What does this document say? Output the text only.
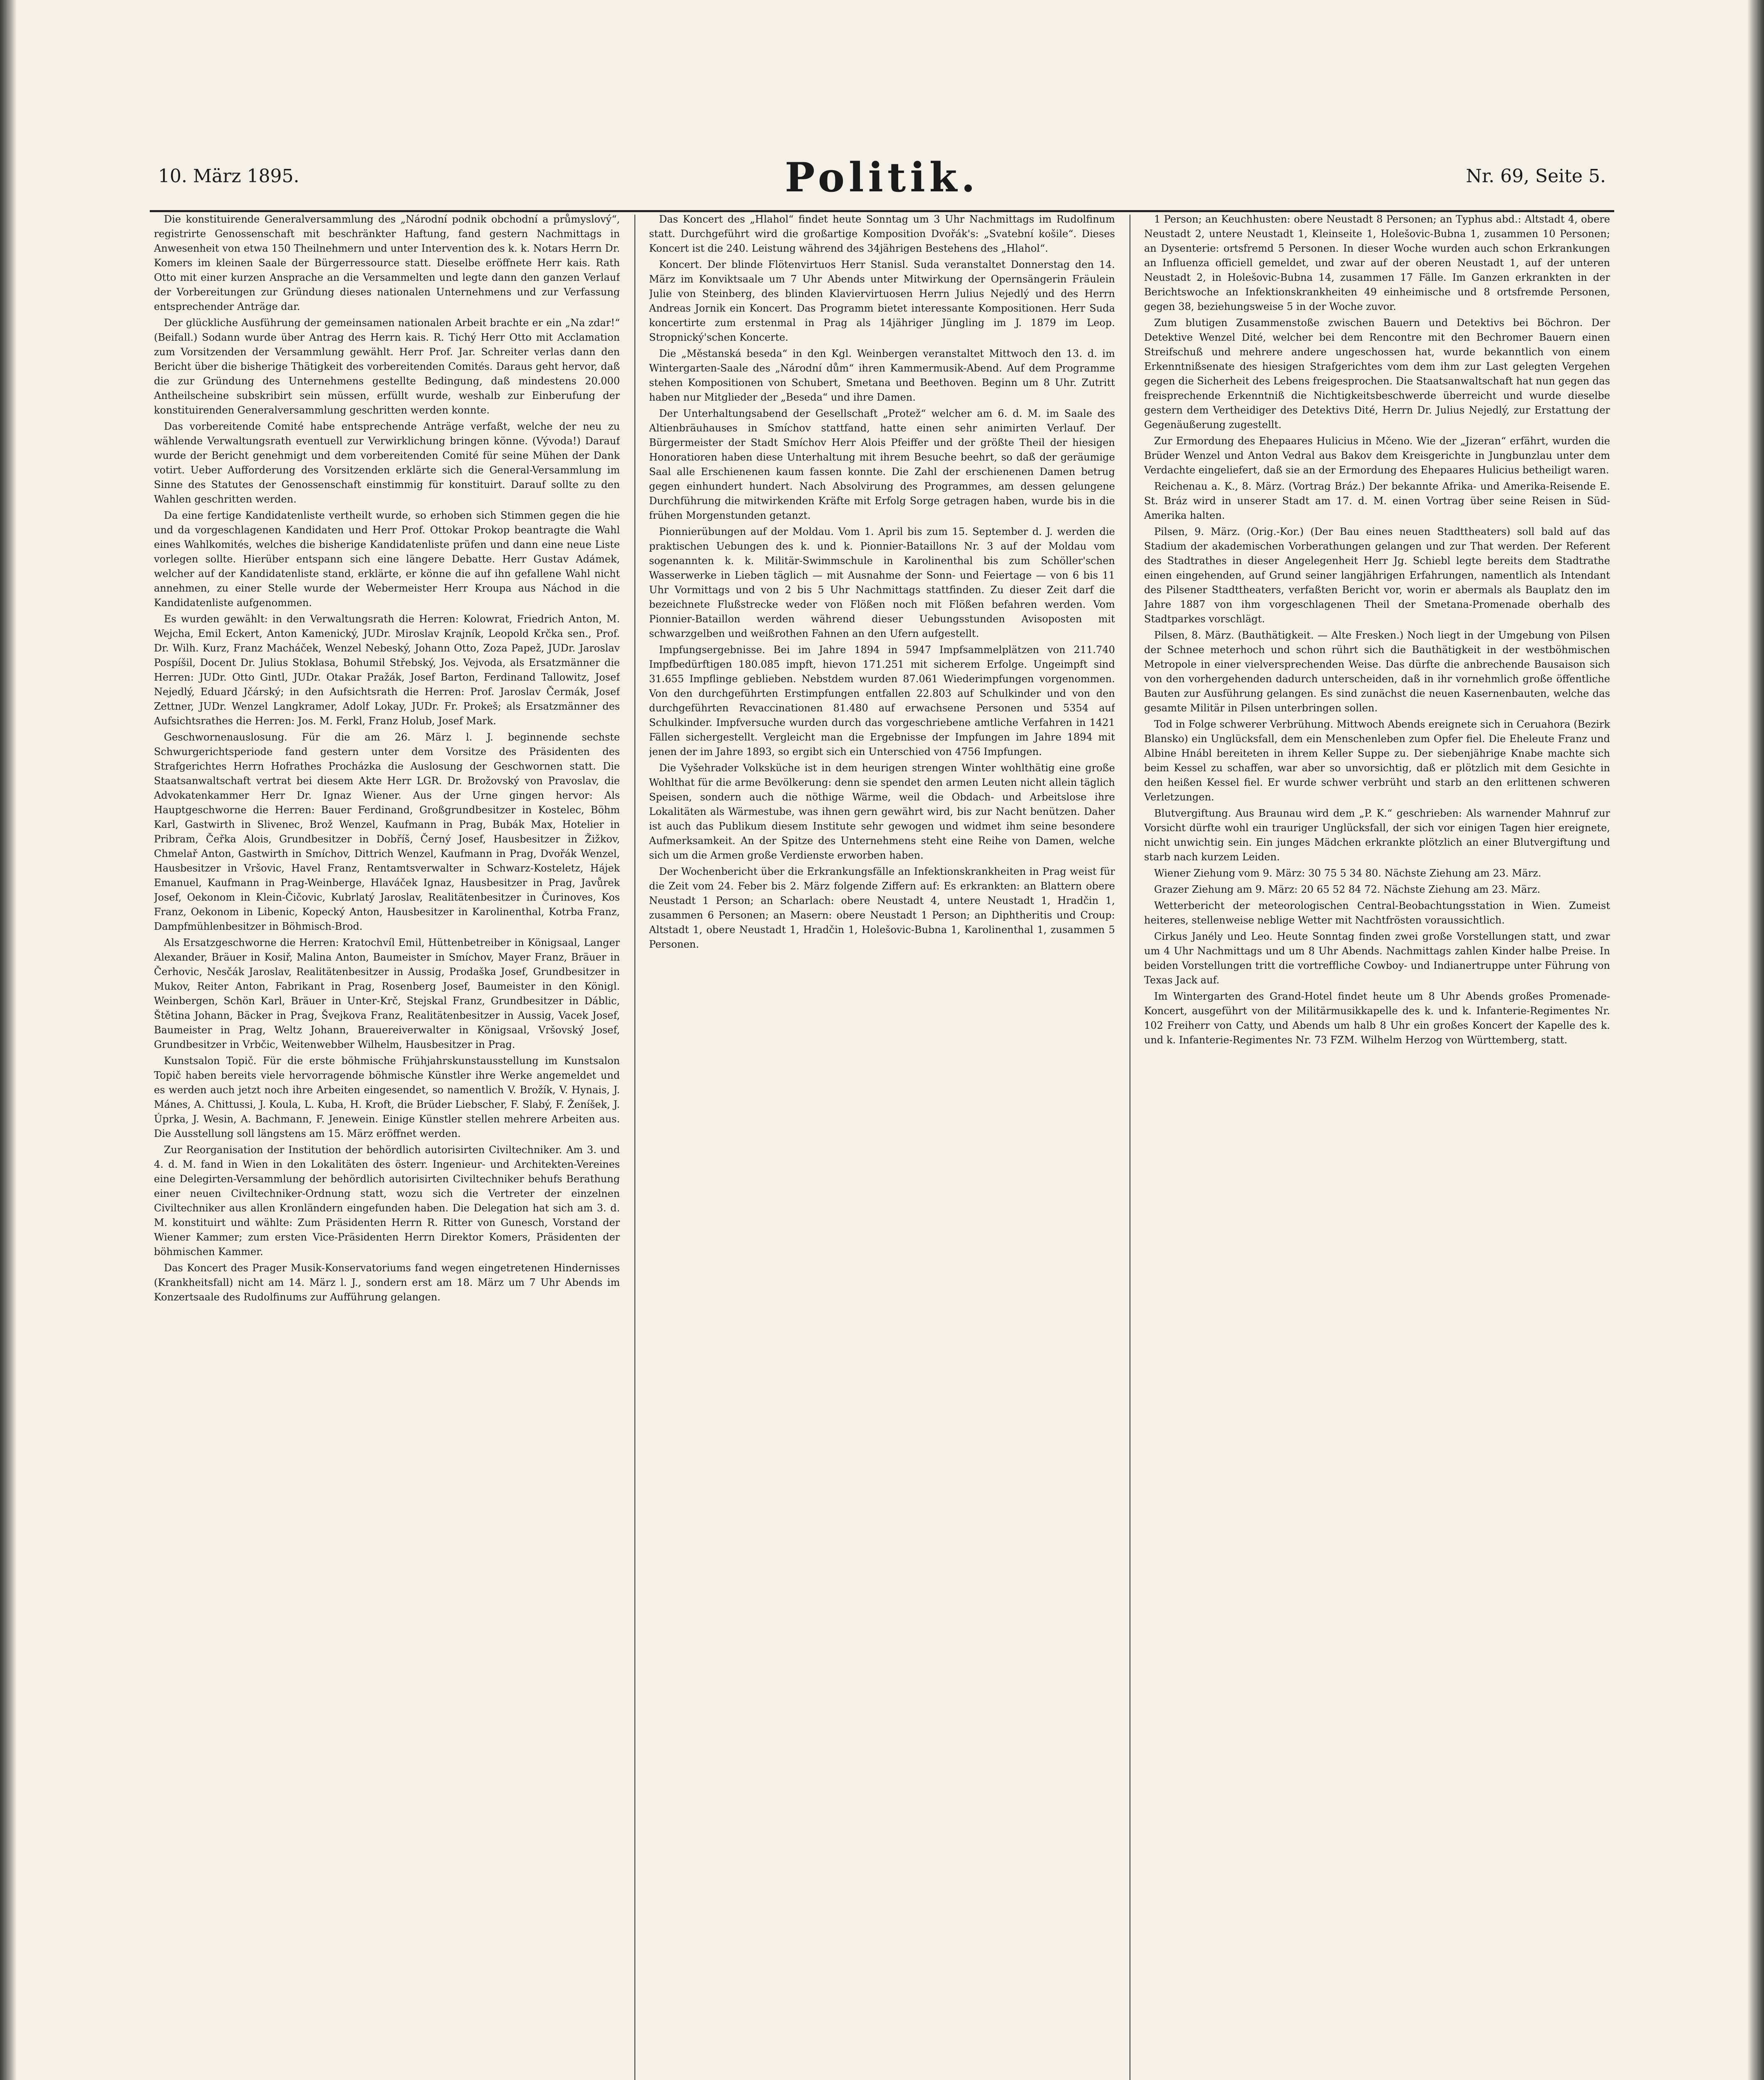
10. März 1895.	Politik.	Nr. 69, Seite 5.

Die konstituirende Generalversammlung des „Národní podnik obchodní a průmyslový“, registrirte Genossenschaft mit beschränkter Haftung, fand gestern Nachmittags in Anwesenheit von etwa 150 Theilnehmern und unter Intervention des k. k. Notars Herrn Dr. Komers im kleinen Saale der Bürgerressource statt. Dieselbe eröffnete Herr kais. Rath Otto mit einer kurzen Ansprache an die Versammelten und legte dann den ganzen Verlauf der Vorbereitungen zur Gründung dieses nationalen Unternehmens und zur Verfassung entsprechender Anträge dar.

Der glückliche Ausführung der gemeinsamen nationalen Arbeit brachte er ein „Na zdar!“ (Beifall.) Sodann wurde über Antrag des Herrn kais. R. Tichý Herr Otto mit Acclamation zum Vorsitzenden der Versammlung gewählt. Herr Prof. Jar. Schreiter verlas dann den Bericht über die bisherige Thätigkeit des vorbereitenden Comités. Daraus geht hervor, daß die zur Gründung des Unternehmens gestellte Bedingung, daß mindestens 20.000 Antheilscheine subskribirt sein müssen, erfüllt wurde, weshalb zur Einberufung der konstituirenden Generalversammlung geschritten werden konnte.

Das vorbereitende Comité habe entsprechende Anträge verfaßt, welche der neu zu wählende Verwaltungsrath eventuell zur Verwirklichung bringen könne. (Vývoda!) Darauf wurde der Bericht genehmigt und dem vorbereitenden Comité für seine Mühen der Dank votirt. Ueber Aufforderung des Vorsitzenden erklärte sich die General-Versammlung im Sinne des Statutes der Genossenschaft einstimmig für konstituirt. Darauf sollte zu den Wahlen geschritten werden.

Da eine fertige Kandidatenliste vertheilt wurde, so erhoben sich Stimmen gegen die hie und da vorgeschlagenen Kandidaten und Herr Prof. Ottokar Prokop beantragte die Wahl eines Wahlkomités, welches die bisherige Kandidatenliste prüfen und dann eine neue Liste vorlegen sollte. Hierüber entspann sich eine längere Debatte. Herr Gustav Adámek, welcher auf der Kandidatenliste stand, erklärte, er könne die auf ihn gefallene Wahl nicht annehmen, zu einer Stelle wurde der Webermeister Herr Kroupa aus Náchod in die Kandidatenliste aufgenommen.

Es wurden gewählt: in den Verwaltungsrath die Herren: Kolowrat, Friedrich Anton, M. Wejcha, Emil Eckert, Anton Kamenický, JUDr. Miroslav Krajník, Leopold Krčka sen., Prof. Dr. Wilh. Kurz, Franz Macháček, Wenzel Nebeský, Johann Otto, Zoza Papež, JUDr. Jaroslav Pospíšil, Docent Dr. Julius Stoklasa, Bohumil Střebský, Jos. Vejvoda, als Ersatzmänner die Herren: JUDr. Otto Gintl, JUDr. Otakar Pražák, Josef Barton, Ferdinand Tallowitz, Josef Nejedlý, Eduard Jčárský; in den Aufsichtsrath die Herren: Prof. Jaroslav Čermák, Josef Zettner, JUDr. Wenzel Langkramer, Adolf Lokay, JUDr. Fr. Prokeš; als Ersatzmänner des Aufsichtsrathes die Herren: Jos. M. Ferkl, Franz Holub, Josef Mark.

Geschwornenauslosung. Für die am 26. März l. J. beginnende sechste Schwurgerichtsperiode fand gestern unter dem Vorsitze des Präsidenten des Strafgerichtes Herrn Hofrathes Procházka die Auslosung der Geschwornen statt. Die Staatsanwaltschaft vertrat bei diesem Akte Herr LGR. Dr. Brožovský von Pravoslav, die Advokatenkammer Herr Dr. Ignaz Wiener. Aus der Urne gingen hervor: Als Hauptgeschworne die Herren: Bauer Ferdinand, Großgrundbesitzer in Kostelec, Böhm Karl, Gastwirth in Slivenec, Brož Wenzel, Kaufmann in Prag, Bubák Max, Hotelier in Pribram, Čeřka Alois, Grundbesitzer in Dobříš, Černý Josef, Hausbesitzer in Žižkov, Chmelař Anton, Gastwirth in Smíchov, Dittrich Wenzel, Kaufmann in Prag, Dvořák Wenzel, Hausbesitzer in Vršovic, Havel Franz, Rentamtsverwalter in Schwarz-Kosteletz, Hájek Emanuel, Kaufmann in Prag-Weinberge, Hlaváček Ignaz, Hausbesitzer in Prag, Javůrek Josef, Oekonom in Klein-Čičovic, Kubrlatý Jaroslav, Realitätenbesitzer in Čurinoves, Kos Franz, Oekonom in Libenic, Kopecký Anton, Hausbesitzer in Karolinenthal, Kotrba Franz, Dampfmühlenbesitzer in Böhmisch-Brod.

Als Ersatzgeschworne die Herren: Kratochvíl Emil, Hüttenbetreiber in Königsaal, Langer Alexander, Bräuer in Kosiř, Malina Anton, Baumeister in Smíchov, Mayer Franz, Bräuer in Čerhovic, Nesčák Jaroslav, Realitätenbesitzer in Aussig, Prodaška Josef, Grundbesitzer in Mukov, Reiter Anton, Fabrikant in Prag, Rosenberg Josef, Baumeister in den Königl. Weinbergen, Schön Karl, Bräuer in Unter-Krč, Stejskal Franz, Grundbesitzer in Dáblic, Štětina Johann, Bäcker in Prag, Švejkova Franz, Realitätenbesitzer in Aussig, Vacek Josef, Baumeister in Prag, Weltz Johann, Brauereiverwalter in Königsaal, Vršovský Josef, Grundbesitzer in Vrbčic, Weitenwebber Wilhelm, Hausbesitzer in Prag.

Kunstsalon Topič. Für die erste böhmische Frühjahrskunstausstellung im Kunstsalon Topič haben bereits viele hervorragende böhmische Künstler ihre Werke angemeldet und es werden auch jetzt noch ihre Arbeiten eingesendet, so namentlich V. Brožík, V. Hynais, J. Mánes, A. Chittussi, J. Koula, L. Kuba, H. Kroft, die Brüder Liebscher, F. Slabý, F. Ženíšek, J. Úprka, J. Wesin, A. Bachmann, F. Jenewein. Einige Künstler stellen mehrere Arbeiten aus. Die Ausstellung soll längstens am 15. März eröffnet werden.

Zur Reorganisation der Institution der behördlich autorisirten Civiltechniker. Am 3. und 4. d. M. fand in Wien in den Lokalitäten des österr. Ingenieur- und Architekten-Vereines eine Delegirten-Versammlung der behördlich autorisirten Civiltechniker behufs Berathung einer neuen Civiltechniker-Ordnung statt, wozu sich die Vertreter der einzelnen Civiltechniker aus allen Kronländern eingefunden haben. Die Delegation hat sich am 3. d. M. konstituirt und wählte: Zum Präsidenten Herrn R. Ritter von Gunesch, Vorstand der Wiener Kammer; zum ersten Vice-Präsidenten Herrn Direktor Komers, Präsidenten der böhmischen Kammer.

Das Koncert des Prager Musik-Konservatoriums fand wegen eingetretenen Hindernisses (Krankheitsfall) nicht am 14. März l. J., sondern erst am 18. März um 7 Uhr Abends im Konzertsaale des Rudolfinums zur Aufführung gelangen.

Das Koncert des „Hlahol“ findet heute Sonntag um 3 Uhr Nachmittags im Rudolfinum statt. Durchgeführt wird die großartige Komposition Dvořák's: „Svatební košile“. Dieses Koncert ist die 240. Leistung während des 34jährigen Bestehens des „Hlahol“.

Koncert. Der blinde Flötenvirtuos Herr Stanisl. Suda veranstaltet Donnerstag den 14. März im Konviktsaale um 7 Uhr Abends unter Mitwirkung der Opernsängerin Fräulein Julie von Steinberg, des blinden Klaviervirtuosen Herrn Julius Nejedlý und des Herrn Andreas Jornik ein Koncert. Das Programm bietet interessante Kompositionen. Herr Suda koncertirte zum erstenmal in Prag als 14jähriger Jüngling im J. 1879 im Leop. Stropnický'schen Koncerte.

Die „Městanská beseda“ in den Kgl. Weinbergen veranstaltet Mittwoch den 13. d. im Wintergarten-Saale des „Národní dům“ ihren Kammermusik-Abend. Auf dem Programme stehen Kompositionen von Schubert, Smetana und Beethoven. Beginn um 8 Uhr. Zutritt haben nur Mitglieder der „Beseda“ und ihre Damen.

Der Unterhaltungsabend der Gesellschaft „Protež“ welcher am 6. d. M. im Saale des Altienbräuhauses in Smíchov stattfand, hatte einen sehr animirten Verlauf. Der Bürgermeister der Stadt Smíchov Herr Alois Pfeiffer und der größte Theil der hiesigen Honoratioren haben diese Unterhaltung mit ihrem Besuche beehrt, so daß der geräumige Saal alle Erschienenen kaum fassen konnte. Die Zahl der erschienenen Damen betrug gegen einhundert hundert. Nach Absolvirung des Programmes, am dessen gelungene Durchführung die mitwirkenden Kräfte mit Erfolg Sorge getragen haben, wurde bis in die frühen Morgenstunden getanzt.

Pionnierübungen auf der Moldau. Vom 1. April bis zum 15. September d. J. werden die praktischen Uebungen des k. und k. Pionnier-Bataillons Nr. 3 auf der Moldau vom sogenannten k. k. Militär-Swimmschule in Karolinenthal bis zum Schöller'schen Wasserwerke in Lieben täglich — mit Ausnahme der Sonn- und Feiertage — von 6 bis 11 Uhr Vormittags und von 2 bis 5 Uhr Nachmittags stattfinden. Zu dieser Zeit darf die bezeichnete Flußstrecke weder von Flößen noch mit Flößen befahren werden. Vom Pionnier-Bataillon werden während dieser Uebungsstunden Avisoposten mit schwarzgelben und weißrothen Fahnen an den Ufern aufgestellt.

Impfungsergebnisse. Bei im Jahre 1894 in 5947 Impfsammelplätzen von 211.740 Impfbedürftigen 180.085 impft, hievon 171.251 mit sicherem Erfolge. Ungeimpft sind 31.655 Impflinge geblieben. Nebstdem wurden 87.061 Wiederimpfungen vorgenommen. Von den durchgeführten Erstimpfungen entfallen 22.803 auf Schulkinder und von den durchgeführten Revaccinationen 81.480 auf erwachsene Personen und 5354 auf Schulkinder. Impfversuche wurden durch das vorgeschriebene amtliche Verfahren in 1421 Fällen sichergestellt. Vergleicht man die Ergebnisse der Impfungen im Jahre 1894 mit jenen der im Jahre 1893, so ergibt sich ein Unterschied von 4756 Impfungen.

Die Vyšehrader Volksküche ist in dem heurigen strengen Winter wohlthätig eine große Wohlthat für die arme Bevölkerung: denn sie spendet den armen Leuten nicht allein täglich Speisen, sondern auch die nöthige Wärme, weil die Obdach- und Arbeitslose ihre Lokalitäten als Wärmestube, was ihnen gern gewährt wird, bis zur Nacht benützen. Daher ist auch das Publikum diesem Institute sehr gewogen und widmet ihm seine besondere Aufmerksamkeit. An der Spitze des Unternehmens steht eine Reihe von Damen, welche sich um die Armen große Verdienste erworben haben.

Der Wochenbericht über die Erkrankungsfälle an Infektionskrankheiten in Prag weist für die Zeit vom 24. Feber bis 2. März folgende Ziffern auf: Es erkrankten: an Blattern obere Neustadt 1 Person; an Scharlach: obere Neustadt 4, untere Neustadt 1, Hradčin 1, zusammen 6 Personen; an Masern: obere Neustadt 1 Person; an Diphtheritis und Croup: Altstadt 1, obere Neustadt 1, Hradčin 1, Holešovic-Bubna 1, Karolinenthal 1, zusammen 5 Personen.

1 Person; an Keuchhusten: obere Neustadt 8 Personen; an Typhus abd.: Altstadt 4, obere Neustadt 2, untere Neustadt 1, Kleinseite 1, Holešovic-Bubna 1, zusammen 10 Personen; an Dysenterie: ortsfremd 5 Personen. In dieser Woche wurden auch schon Erkrankungen an Influenza officiell gemeldet, und zwar auf der oberen Neustadt 1, auf der unteren Neustadt 2, in Holešovic-Bubna 14, zusammen 17 Fälle. Im Ganzen erkrankten in der Berichtswoche an Infektionskrankheiten 49 einheimische und 8 ortsfremde Personen, gegen 38, beziehungsweise 5 in der Woche zuvor.

Zum blutigen Zusammenstoße zwischen Bauern und Detektivs bei Böchron. Der Detektive Wenzel Dité, welcher bei dem Rencontre mit den Bechromer Bauern einen Streifschuß und mehrere andere ungeschossen hat, wurde bekanntlich von einem Erkenntnißsenate des hiesigen Strafgerichtes vom dem ihm zur Last gelegten Vergehen gegen die Sicherheit des Lebens freigesprochen. Die Staatsanwaltschaft hat nun gegen das freisprechende Erkenntniß die Nichtigkeitsbeschwerde überreicht und wurde dieselbe gestern dem Vertheidiger des Detektivs Dité, Herrn Dr. Julius Nejedlý, zur Erstattung der Gegenäußerung zugestellt.

Zur Ermordung des Ehepaares Hulicius in Mčeno. Wie der „Jizeran“ erfährt, wurden die Brüder Wenzel und Anton Vedral aus Bakov dem Kreisgerichte in Jungbunzlau unter dem Verdachte eingeliefert, daß sie an der Ermordung des Ehepaares Hulicius betheiligt waren.

Reichenau a. K., 8. März. (Vortrag Bráz.) Der bekannte Afrika- und Amerika-Reisende E. St. Bráz wird in unserer Stadt am 17. d. M. einen Vortrag über seine Reisen in Süd-Amerika halten.

Pilsen, 9. März. (Orig.-Kor.) (Der Bau eines neuen Stadttheaters) soll bald auf das Stadium der akademischen Vorberathungen gelangen und zur That werden. Der Referent des Stadtrathes in dieser Angelegenheit Herr Jg. Schiebl legte bereits dem Stadtrathe einen eingehenden, auf Grund seiner langjährigen Erfahrungen, namentlich als Intendant des Pilsener Stadttheaters, verfaßten Bericht vor, worin er abermals als Bauplatz den im Jahre 1887 von ihm vorgeschlagenen Theil der Smetana-Promenade oberhalb des Stadtparkes vorschlägt.

Pilsen, 8. März. (Bauthätigkeit. — Alte Fresken.) Noch liegt in der Umgebung von Pilsen der Schnee meterhoch und schon rührt sich die Bauthätigkeit in der westböhmischen Metropole in einer vielversprechenden Weise. Das dürfte die anbrechende Bausaison sich von den vorhergehenden dadurch unterscheiden, daß in ihr vornehmlich große öffentliche Bauten zur Ausführung gelangen. Es sind zunächst die neuen Kasernenbauten, welche das gesamte Militär in Pilsen unterbringen sollen.

Tod in Folge schwerer Verbrühung. Mittwoch Abends ereignete sich in Ceruahora (Bezirk Blansko) ein Unglücksfall, dem ein Menschenleben zum Opfer fiel. Die Eheleute Franz und Albine Hnábl bereiteten in ihrem Keller Suppe zu. Der siebenjährige Knabe machte sich beim Kessel zu schaffen, war aber so unvorsichtig, daß er plötzlich mit dem Gesichte in den heißen Kessel fiel. Er wurde schwer verbrüht und starb an den erlittenen schweren Verletzungen.

Blutvergiftung. Aus Braunau wird dem „P. K.“ geschrieben: Als warnender Mahnruf zur Vorsicht dürfte wohl ein trauriger Unglücksfall, der sich vor einigen Tagen hier ereignete, nicht unwichtig sein. Ein junges Mädchen erkrankte plötzlich an einer Blutvergiftung und starb nach kurzem Leiden.

Wiener Ziehung vom 9. März: 30 75 5 34 80. Nächste Ziehung am 23. März.

Grazer Ziehung am 9. März: 20 65 52 84 72. Nächste Ziehung am 23. März.

Wetterbericht der meteorologischen Central-Beobachtungsstation in Wien. Zumeist heiteres, stellenweise neblige Wetter mit Nachtfrösten voraussichtlich.

Cirkus Janély und Leo. Heute Sonntag finden zwei große Vorstellungen statt, und zwar um 4 Uhr Nachmittags und um 8 Uhr Abends. Nachmittags zahlen Kinder halbe Preise. In beiden Vorstellungen tritt die vortreffliche Cowboy- und Indianertruppe unter Führung von Texas Jack auf.

Im Wintergarten des Grand-Hotel findet heute um 8 Uhr Abends großes Promenade-Koncert, ausgeführt von der Militärmusikkapelle des k. und k. Infanterie-Regimentes Nr. 102 Freiherr von Catty, und Abends um halb 8 Uhr ein großes Koncert der Kapelle des k. und k. Infanterie-Regimentes Nr. 73 FZM. Wilhelm Herzog von Württemberg, statt.
